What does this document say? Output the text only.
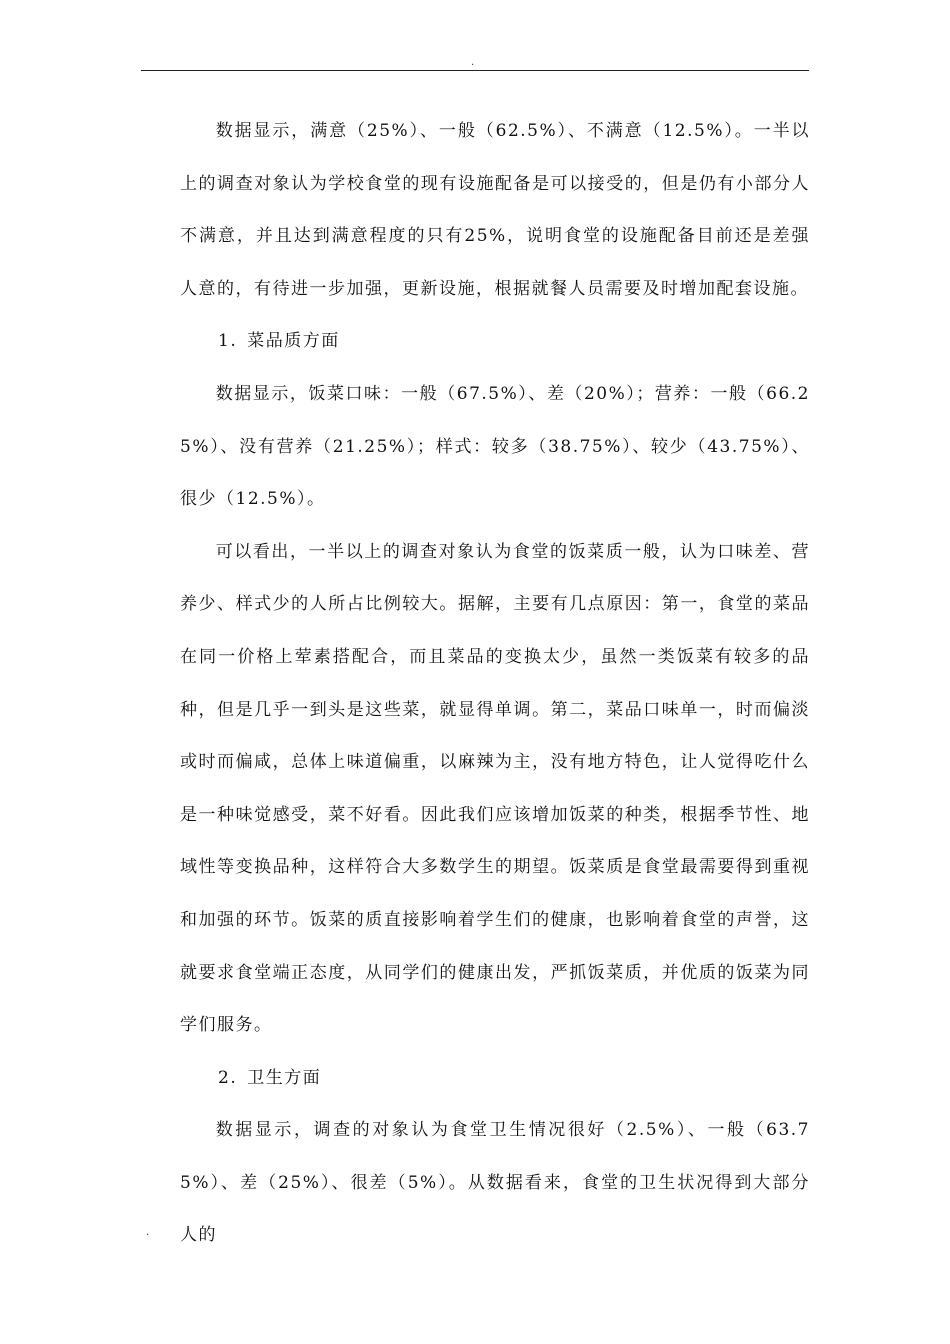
.

数据显示，满意（25%）、一般（62.5%）、不满意（12.5%）。一半以上的调查对象认为学校食堂的现有设施配备是可以接受的，但是仍有小部分人不满意，并且达到满意程度的只有25%，说明食堂的设施配备目前还是差强人意的，有待进一步加强，更新设施，根据就餐人员需要及时增加配套设施。

1. 菜品质方面

数据显示，饭菜口味：一般（67.5%）、差（20%）；营养：一般（66.25%）、没有营养（21.25%）；样式：较多（38.75%）、较少（43.75%）、很少（12.5%）。

可以看出，一半以上的调查对象认为食堂的饭菜质一般，认为口味差、营养少、样式少的人所占比例较大。据解，主要有几点原因：第一，食堂的菜品在同一价格上荤素搭配合，而且菜品的变换太少，虽然一类饭菜有较多的品种，但是几乎一到头是这些菜，就显得单调。第二，菜品口味单一，时而偏淡或时而偏咸，总体上味道偏重，以麻辣为主，没有地方特色，让人觉得吃什么是一种味觉感受，菜不好看。因此我们应该增加饭菜的种类，根据季节性、地域性等变换品种，这样符合大多数学生的期望。饭菜质是食堂最需要得到重视和加强的环节。饭菜的质直接影响着学生们的健康，也影响着食堂的声誉，这就要求食堂端正态度，从同学们的健康出发，严抓饭菜质，并优质的饭菜为同学们服务。

2. 卫生方面

数据显示，调查的对象认为食堂卫生情况很好（2.5%）、一般（63.75%）、差（25%）、很差（5%）。从数据看来，食堂的卫生状况得到大部分人的

.
